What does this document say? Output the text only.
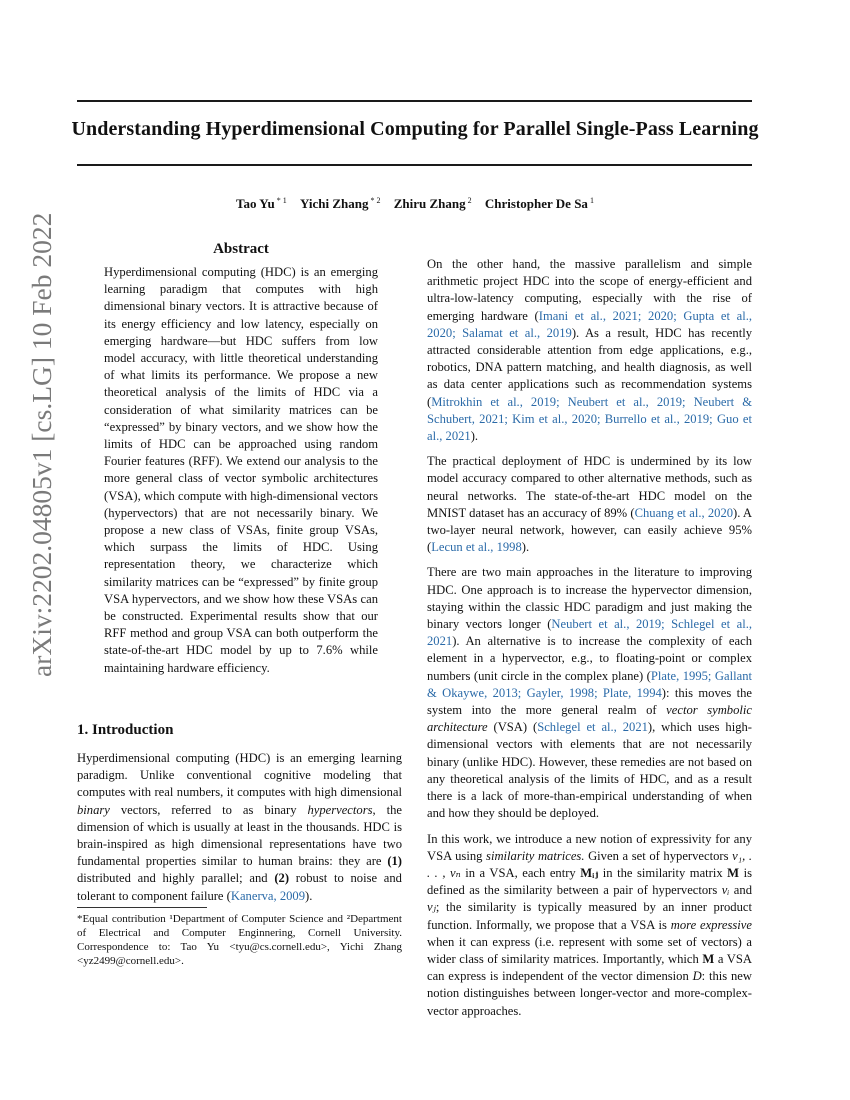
Understanding Hyperdimensional Computing for Parallel Single-Pass Learning
Tao Yu $^{* 1}$ Yichi Zhang $^{* 2}$ Zhiru Zhang $^2$ Christopher De Sa $^1$
arXiv:2202.04805v1 [cs.LG] 10 Feb 2022	Abstract
Hyperdimensional computing (HDC) is an emerging learning paradigm that computes with high dimensional binary vectors. It is attractive because of its energy efficiency and low latency, especially on emerging hardware—but HDC suffers from low model accuracy, with little theoretical understanding of what limits its performance. We propose a new theoretical analysis of the limits of HDC via a consideration of what similarity matrices can be “expressed” by binary vectors, and we show how the limits of HDC can be approached using random Fourier features (RFF). We extend our analysis to the more general class of vector symbolic architectures (VSA), which compute with high-dimensional vectors (hypervectors) that are not necessarily binary. We propose a new class of VSAs, finite group VSAs, which surpass the limits of HDC. Using representation theory, we characterize which similarity matrices can be “expressed” by finite group VSA hypervectors, and we show how these VSAs can be constructed. Experimental results show that our RFF method and group VSA can both outperform the state-of-the-art HDC model by up to 7.6% while maintaining hardware efficiency.
1. Introduction
Hyperdimensional computing (HDC) is an emerging learning paradigm. Unlike conventional cognitive modeling that computes with real numbers, it computes with high dimensional binary vectors, referred to as binary hypervectors, the dimension of which is usually at least in the thousands. HDC is brain-inspired as high dimensional representations have two fundamental properties similar to human brains: they are (1) distributed and highly parallel; and (2) robust to noise and tolerant to component failure (Kanerva, 2009).
*Equal contribution ¹Department of Computer Science and ²Department of Electrical and Computer Enginnering, Cornell University. Correspondence to: Tao Yu <tyu@cs.cornell.edu>, Yichi Zhang <yz2499@cornell.edu>.

On the other hand, the massive parallelism and simple arithmetic project HDC into the scope of energy-efficient and ultra-low-latency computing, especially with the rise of emerging hardware (Imani et al., 2021; 2020; Gupta et al., 2020; Salamat et al., 2019). As a result, HDC has recently attracted considerable attention from edge applications, e.g., robotics, DNA pattern matching, and health diagnosis, as well as data center applications such as recommendation systems (Mitrokhin et al., 2019; Neubert et al., 2019; Neubert & Schubert, 2021; Kim et al., 2020; Burrello et al., 2019; Guo et al., 2021).

The practical deployment of HDC is undermined by its low model accuracy compared to other alternative methods, such as neural networks. The state-of-the-art HDC model on the MNIST dataset has an accuracy of 89% (Chuang et al., 2020). A two-layer neural network, however, can easily achieve 95% (Lecun et al., 1998).

There are two main approaches in the literature to improving HDC. One approach is to increase the hypervector dimension, staying within the classic HDC paradigm and just making the binary vectors longer (Neubert et al., 2019; Schlegel et al., 2021). An alternative is to increase the complexity of each element in a hypervector, e.g., to floating-point or complex numbers (unit circle in the complex plane) (Plate, 1995; Gallant & Okaywe, 2013; Gayler, 1998; Plate, 1994): this moves the system into the more general realm of vector symbolic architecture (VSA) (Schlegel et al., 2021), which uses high-dimensional vectors with elements that are not necessarily binary (unlike HDC). However, these remedies are not based on any theoretical analysis of the limits of HDC, and as a result there is a lack of more-than-empirical understanding of when and how they should be deployed.

In this work, we introduce a new notion of expressivity for any VSA using similarity matrices. Given a set of hypervectors v₁, . . . , vₙ in a VSA, each entry Mᵢⱼ in the similarity matrix M is defined as the similarity between a pair of hypervectors vᵢ and vⱼ; the similarity is typically measured by an inner product function. Informally, we propose that a VSA is more expressive when it can express (i.e. represent with some set of vectors) a wider class of similarity matrices. Importantly, which M a VSA can express is independent of the vector dimension D: this new notion distinguishes between longer-vector and more-complex-vector approaches.
